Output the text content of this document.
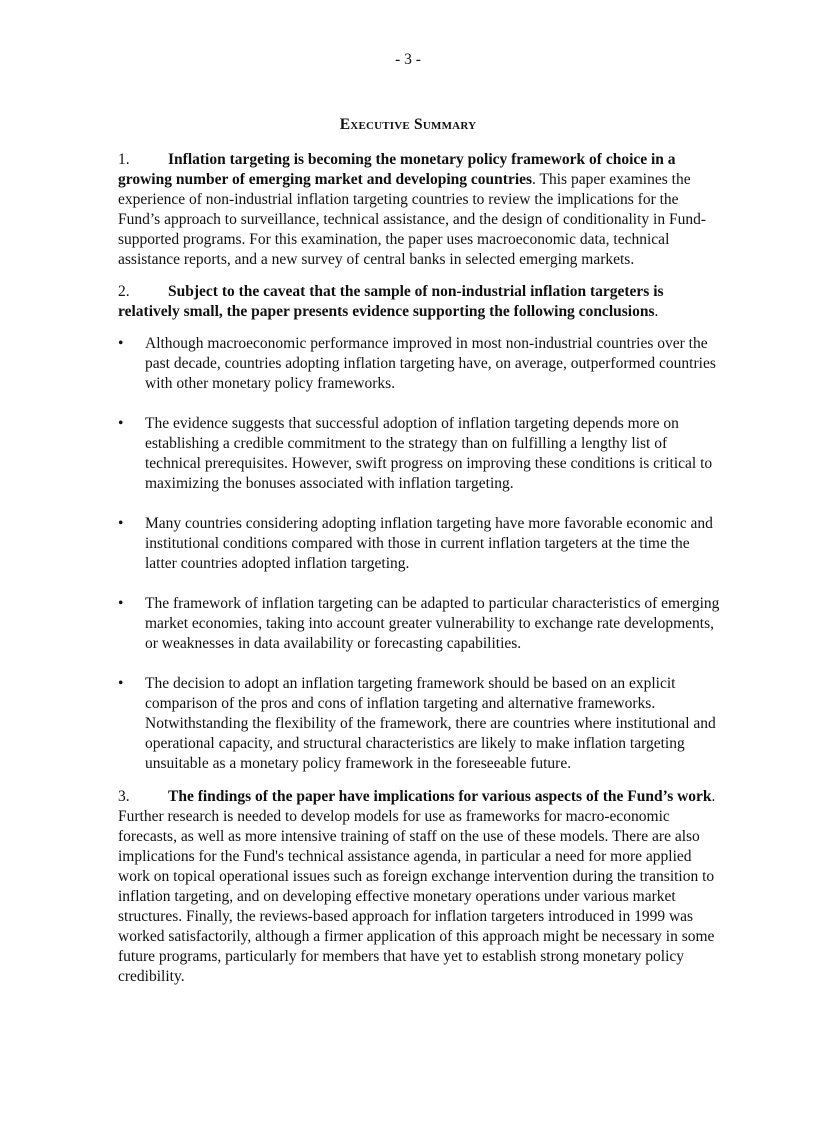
- 3 -
Executive Summary

1. Inflation targeting is becoming the monetary policy framework of choice in a growing number of emerging market and developing countries. This paper examines the experience of non-industrial inflation targeting countries to review the implications for the Fund’s approach to surveillance, technical assistance, and the design of conditionality in Fund-supported programs. For this examination, the paper uses macroeconomic data, technical assistance reports, and a new survey of central banks in selected emerging markets.

2. Subject to the caveat that the sample of non-industrial inflation targeters is relatively small, the paper presents evidence supporting the following conclusions.

•	Although macroeconomic performance improved in most non-industrial countries over the past decade, countries adopting inflation targeting have, on average, outperformed countries with other monetary policy frameworks.
•	The evidence suggests that successful adoption of inflation targeting depends more on establishing a credible commitment to the strategy than on fulfilling a lengthy list of technical prerequisites. However, swift progress on improving these conditions is critical to maximizing the bonuses associated with inflation targeting.
•	Many countries considering adopting inflation targeting have more favorable economic and institutional conditions compared with those in current inflation targeters at the time the latter countries adopted inflation targeting.
•	The framework of inflation targeting can be adapted to particular characteristics of emerging market economies, taking into account greater vulnerability to exchange rate developments, or weaknesses in data availability or forecasting capabilities.
•	The decision to adopt an inflation targeting framework should be based on an explicit comparison of the pros and cons of inflation targeting and alternative frameworks. Notwithstanding the flexibility of the framework, there are countries where institutional and operational capacity, and structural characteristics are likely to make inflation targeting unsuitable as a monetary policy framework in the foreseeable future.

3. The findings of the paper have implications for various aspects of the Fund’s work. Further research is needed to develop models for use as frameworks for macro-economic forecasts, as well as more intensive training of staff on the use of these models. There are also implications for the Fund's technical assistance agenda, in particular a need for more applied work on topical operational issues such as foreign exchange intervention during the transition to inflation targeting, and on developing effective monetary operations under various market structures. Finally, the reviews-based approach for inflation targeters introduced in 1999 was worked satisfactorily, although a firmer application of this approach might be necessary in some future programs, particularly for members that have yet to establish strong monetary policy credibility.
